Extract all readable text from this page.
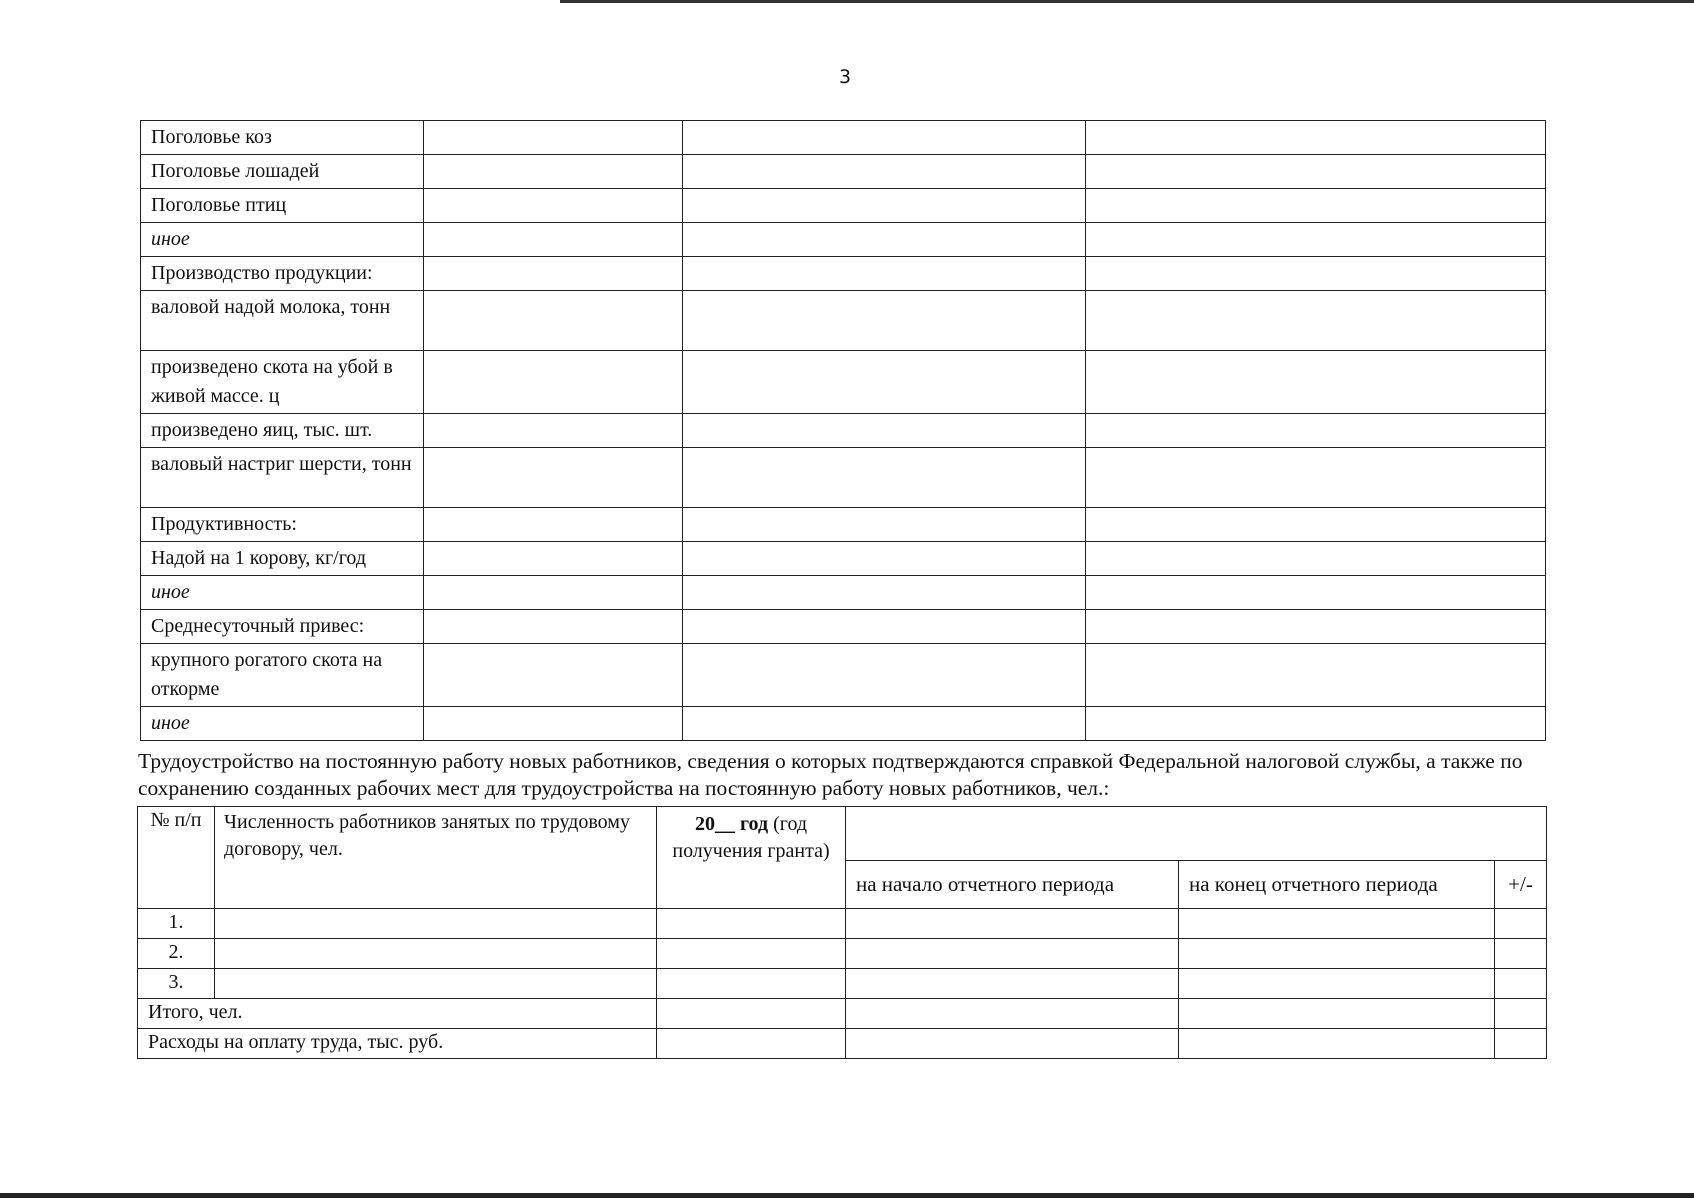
3
Поголовье коз			
Поголовье лошадей			
Поголовье птиц			
иное			
Производство продукции:			
валовой надой молока, тонн			
произведено скота на убой в живой массе. ц			
произведено яиц, тыс. шт.			
валовый настриг шерсти, тонн			
Продуктивность:			
Надой на 1 корову, кг/год			
иное			
Среднесуточный привес:			
крупного рогатого скота на откорме			
иное			
Трудоустройство на постоянную работу новых работников, сведения о которых подтверждаются справкой Федеральной налоговой службы, а также по сохранению созданных рабочих мест для трудоустройства на постоянную работу новых работников, чел.:
№ п/п	Численность работников занятых по трудовому договору, чел.	20__ год (год получения гранта)			
			на начало отчетного периода	на конец отчетного периода	+/-
1.					
2.					
3.					
Итого, чел.					
Расходы на оплату труда, тыс. руб.					
